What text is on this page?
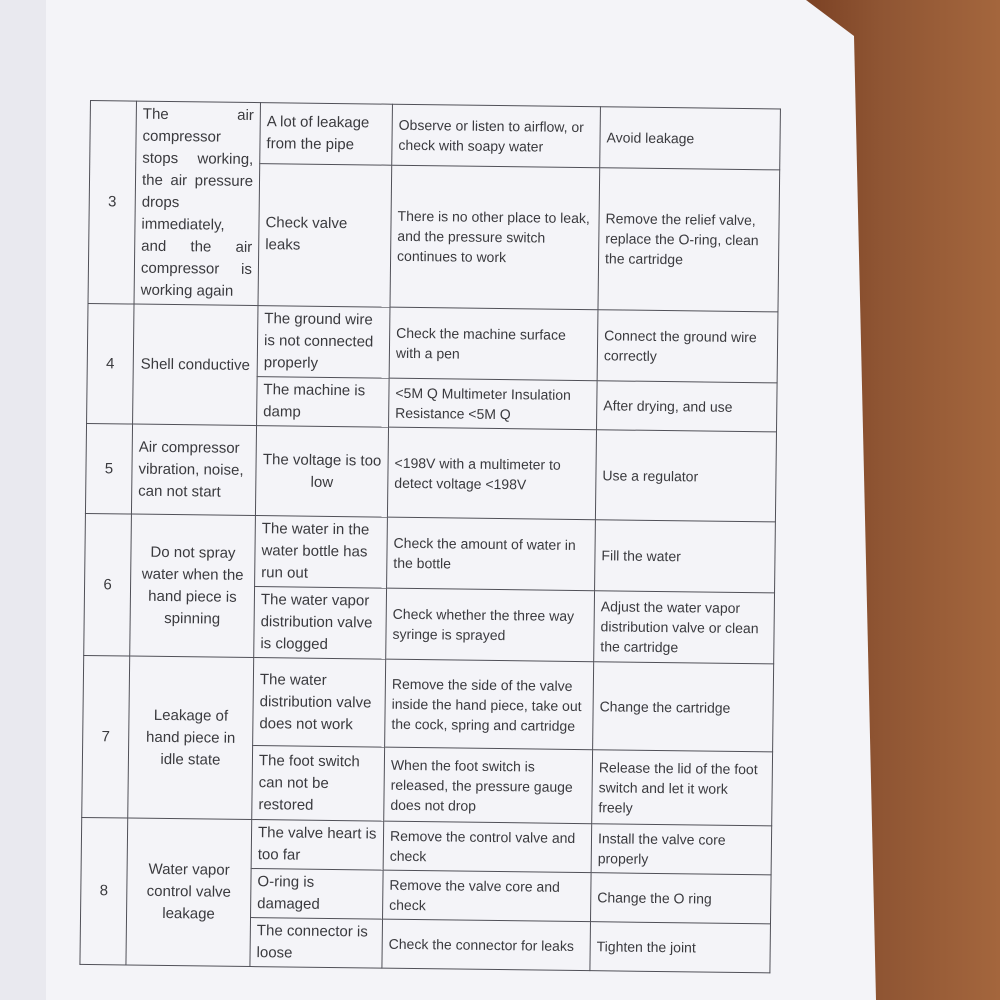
3	The air compressor stops working, the air pressure drops immediately, and the air compressor is working again	A lot of leakage from the pipe	Observe or listen to airflow, or check with soapy water	Avoid leakage
		Check valve leaks	There is no other place to leak, and the pressure switch continues to work	Remove the relief valve, replace the O-ring, clean the cartridge
4	Shell conductive	The ground wire is not connected properly	Check the machine surface with a pen	Connect the ground wire correctly
		The machine is damp	<5M Q Multimeter Insulation Resistance <5M Q	After drying, and use
5	Air compressor vibration, noise, can not start	The voltage is too low	<198V with a multimeter to detect voltage <198V	Use a regulator
6	Do not spray water when the hand piece is spinning	The water in the water bottle has run out	Check the amount of water in the bottle	Fill the water
		The water vapor distribution valve is clogged	Check whether the three way syringe is sprayed	Adjust the water vapor distribution valve or clean the cartridge
7	Leakage of hand piece in idle state	The water distribution valve does not work	Remove the side of the valve inside the hand piece, take out the cock, spring and cartridge	Change the cartridge
		The foot switch can not be restored	When the foot switch is released, the pressure gauge does not drop	Release the lid of the foot switch and let it work freely
8	Water vapor control valve leakage	The valve heart is too far	Remove the control valve and check	Install the valve core properly
		O-ring is damaged	Remove the valve core and check	Change the O ring
		The connector is loose	Check the connector for leaks	Tighten the joint
